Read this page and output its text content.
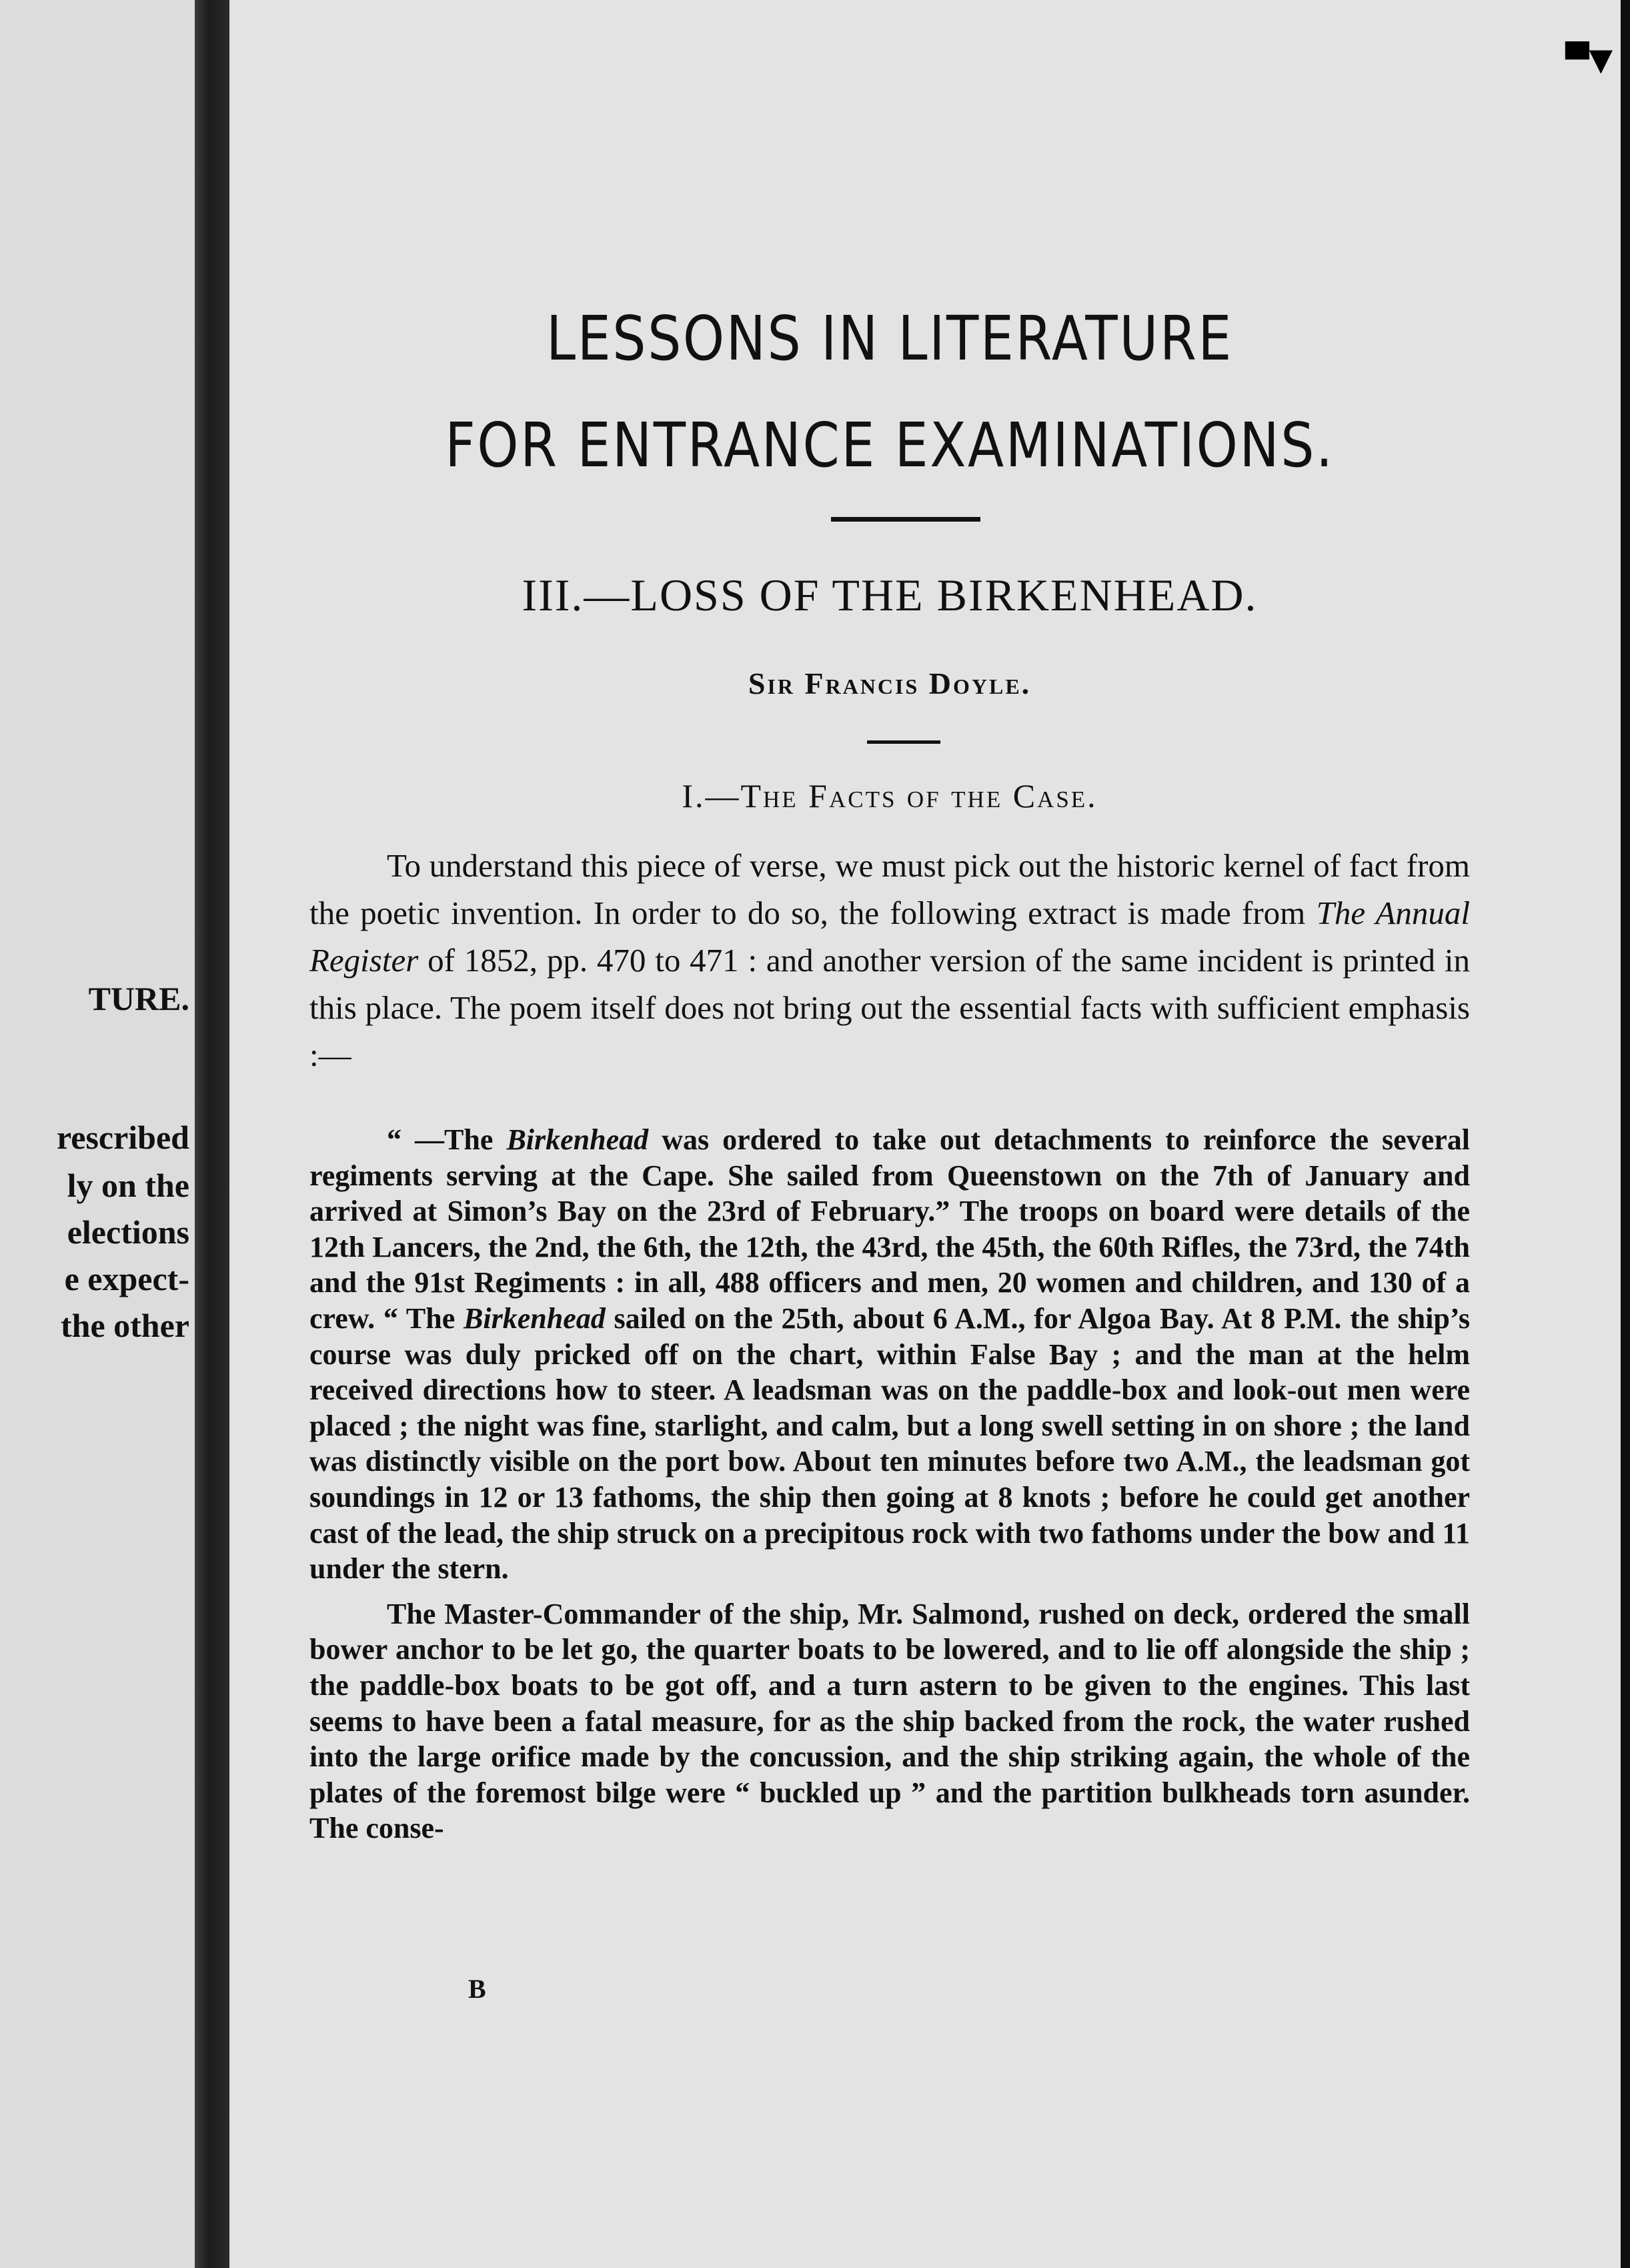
TURE.
rescribed
ly on the
elections
e expect-
the other
▀▼
LESSONS IN LITERATURE
FOR ENTRANCE EXAMINATIONS.
III.—LOSS OF THE BIRKENHEAD.
Sir Francis Doyle.
I.—The Facts of the Case.

To understand this piece of verse, we must pick out the historic kernel of fact from the poetic invention. In order to do so, the following extract is made from The Annual Register of 1852, pp. 470 to 471 : and another version of the same incident is printed in this place. The poem itself does not bring out the essential facts with sufficient emphasis :—

“ —The Birkenhead was ordered to take out detachments to reinforce the several regiments serving at the Cape. She sailed from Queenstown on the 7th of January and arrived at Simon’s Bay on the 23rd of February.” The troops on board were details of the 12th Lancers, the 2nd, the 6th, the 12th, the 43rd, the 45th, the 60th Rifles, the 73rd, the 74th and the 91st Regiments : in all, 488 officers and men, 20 women and children, and 130 of a crew. “ The Birkenhead sailed on the 25th, about 6 A.M., for Algoa Bay. At 8 P.M. the ship’s course was duly pricked off on the chart, within False Bay ; and the man at the helm received directions how to steer. A leadsman was on the paddle-box and look-out men were placed ; the night was fine, starlight, and calm, but a long swell setting in on shore ; the land was distinctly visible on the port bow. About ten minutes before two A.M., the leadsman got soundings in 12 or 13 fathoms, the ship then going at 8 knots ; before he could get another cast of the lead, the ship struck on a precipitous rock with two fathoms under the bow and 11 under the stern.

The Master-Commander of the ship, Mr. Salmond, rushed on deck, ordered the small bower anchor to be let go, the quarter boats to be lowered, and to lie off alongside the ship ; the paddle-box boats to be got off, and a turn astern to be given to the engines. This last seems to have been a fatal measure, for as the ship backed from the rock, the water rushed into the large orifice made by the concussion, and the ship striking again, the whole of the plates of the foremost bilge were “ buckled up ” and the partition bulkheads torn asunder. The conse-

B
